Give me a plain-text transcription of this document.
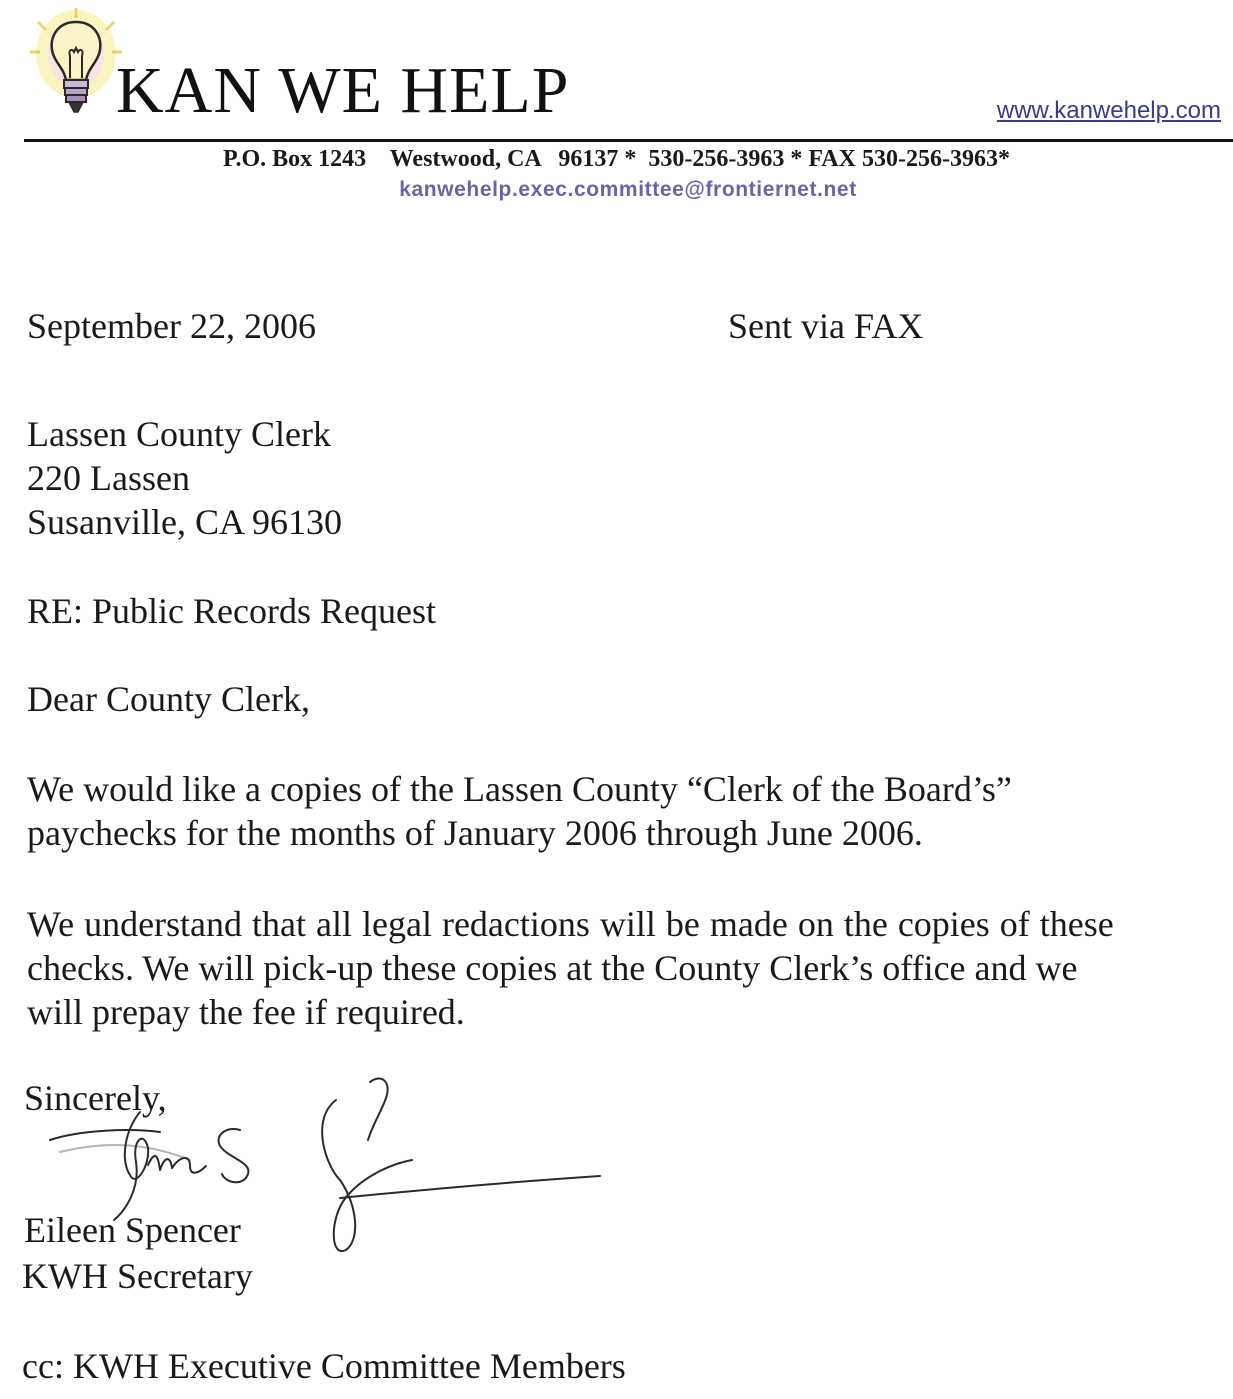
KAN WE HELP	www.kanwehelp.com
P.O. Box 1243 Westwood, CA   96137 *  530-256-3963 * FAX 530-256-3963*
kanwehelp.exec.committee@frontiernet.net
September 22, 2006	Sent via FAX
Lassen County Clerk
220 Lassen
Susanville, CA 96130
RE: Public Records Request
Dear County Clerk,
We would like a copies of the Lassen County “Clerk of the Board’s”
paychecks for the months of January 2006 through June 2006.
We understand that all legal redactions will be made on the copies of these
checks. We will pick-up these copies at the County Clerk’s office and we
will prepay the fee if required.
Sincerely,
Eileen Spencer
KWH Secretary
cc: KWH Executive Committee Members
